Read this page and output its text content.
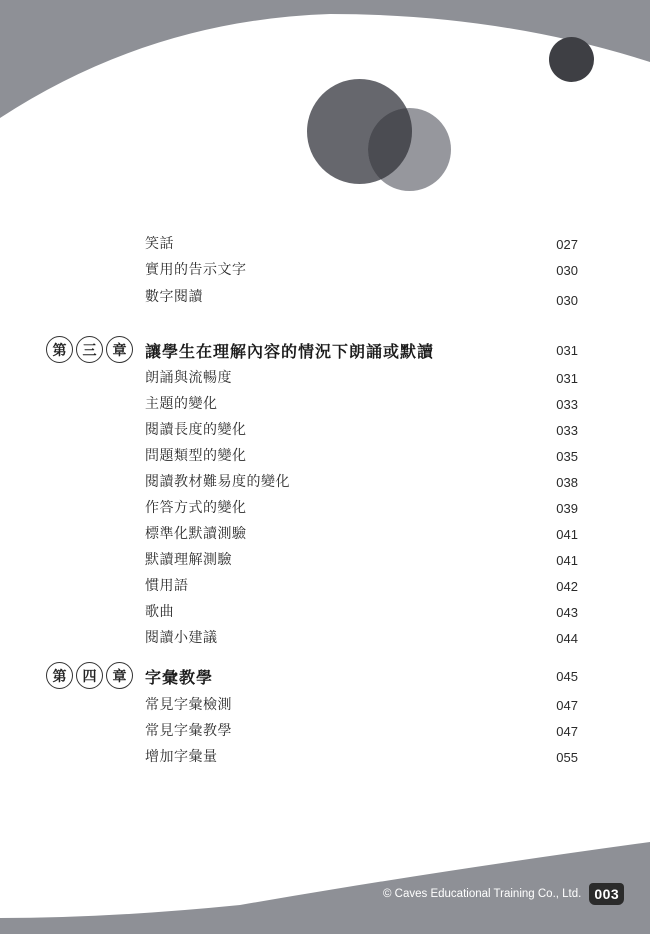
笑話	027
實用的告示文字	030
數字閱讀	030
第	三	章	讓學生在理解內容的情況下朗誦或默讀	031
朗誦與流暢度	031
主題的變化	033
閱讀長度的變化	033
問題類型的變化	035
閱讀教材難易度的變化	038
作答方式的變化	039
標準化默讀測驗	041
默讀理解測驗	041
慣用語	042
歌曲	043
閱讀小建議	044
第	四	章	字彙教學	045
常見字彙檢測	047
常見字彙教學	047
增加字彙量	055
© Caves Educational Training Co., Ltd. 003
